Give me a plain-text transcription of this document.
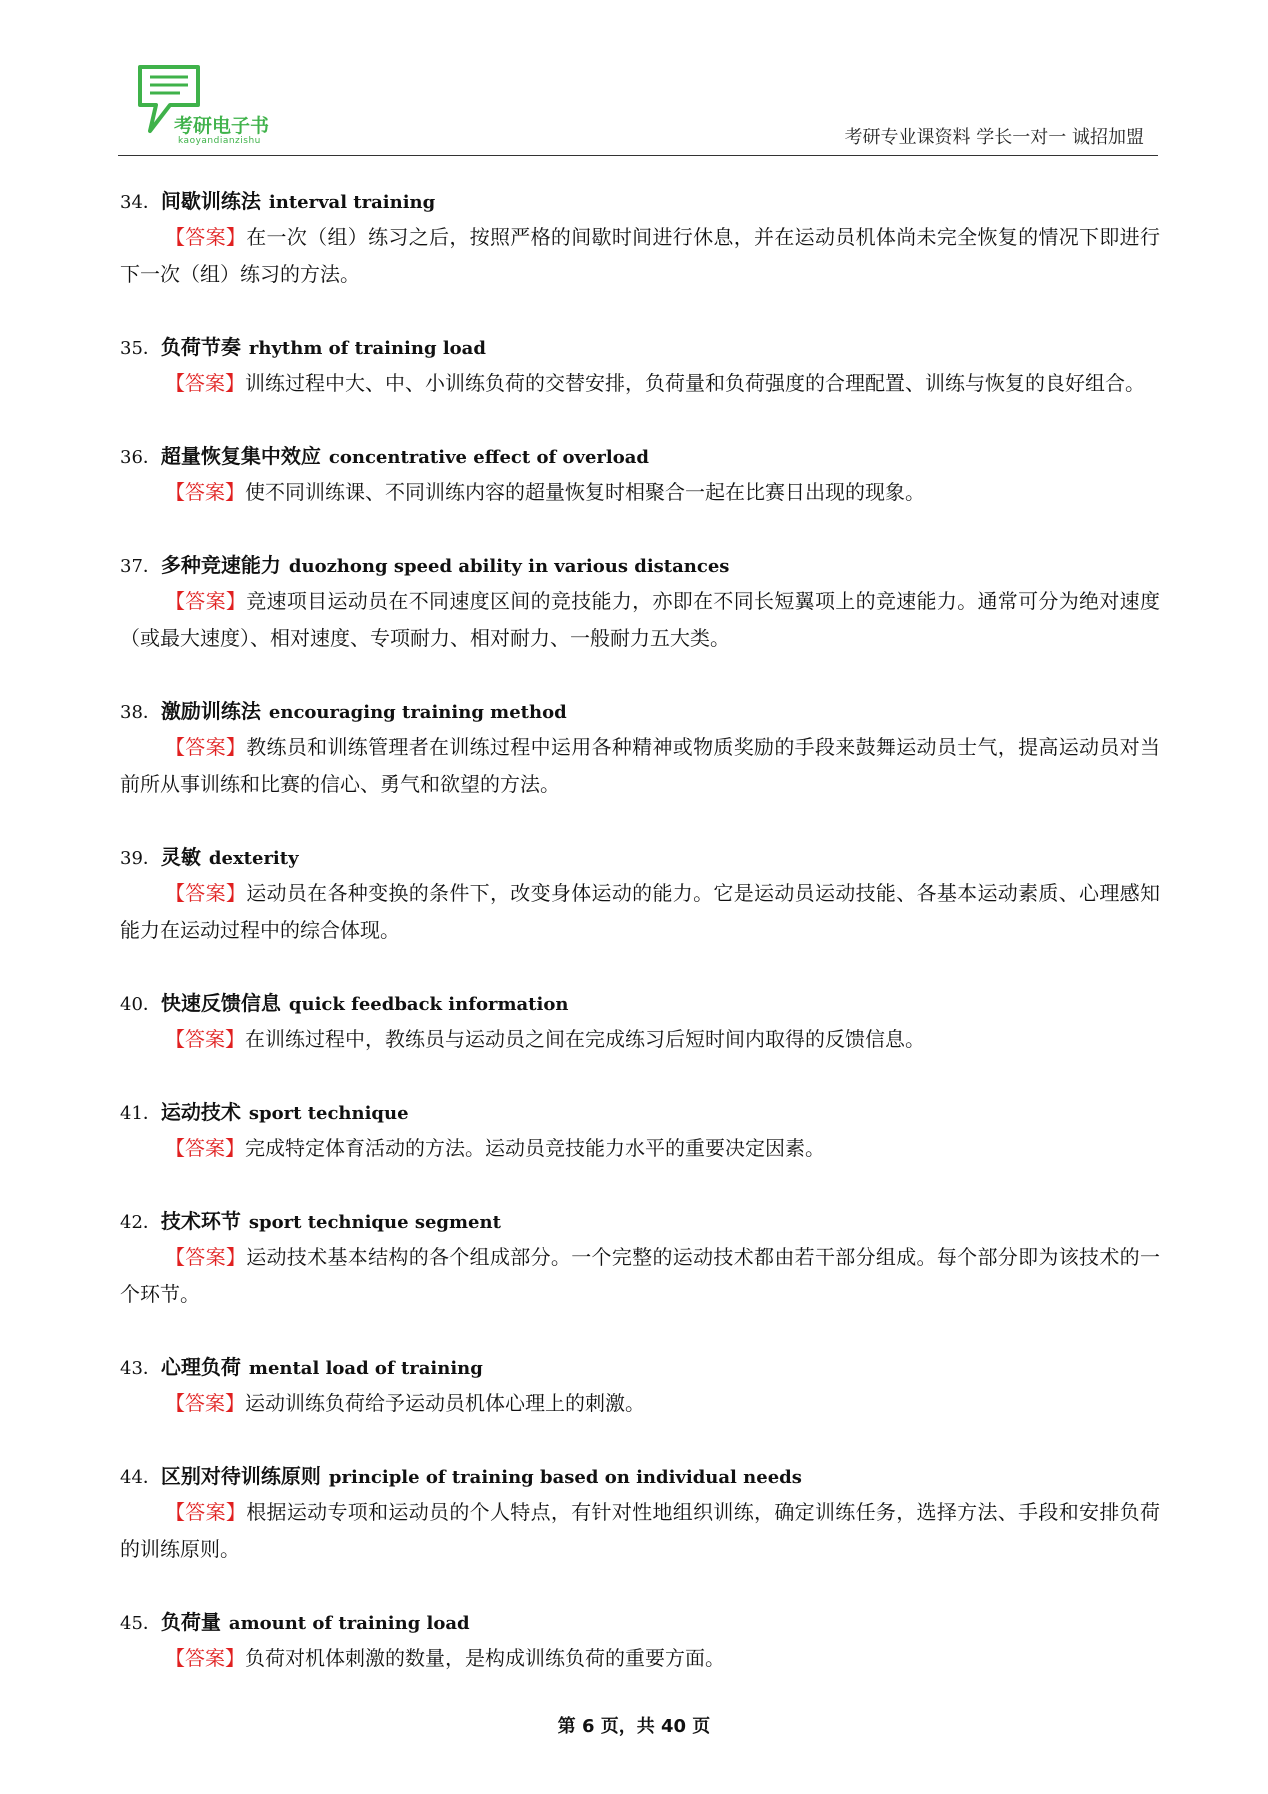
考研电子书
kaoyandianzishu	考研专业课资料 学长一对一 诚招加盟
34．间歇训练法 interval training
【答案】在一次（组）练习之后，按照严格的间歇时间进行休息，并在运动员机体尚未完全恢复的情况下即进行下一次（组）练习的方法。
35．负荷节奏 rhythm of training load
【答案】训练过程中大、中、小训练负荷的交替安排，负荷量和负荷强度的合理配置、训练与恢复的良好组合。
36．超量恢复集中效应 concentrative effect of overload
【答案】使不同训练课、不同训练内容的超量恢复时相聚合一起在比赛日出现的现象。
37．多种竞速能力 duozhong speed ability in various distances
【答案】竞速项目运动员在不同速度区间的竞技能力，亦即在不同长短翼项上的竞速能力。通常可分为绝对速度（或最大速度）、相对速度、专项耐力、相对耐力、一般耐力五大类。
38．激励训练法 encouraging training method
【答案】教练员和训练管理者在训练过程中运用各种精神或物质奖励的手段来鼓舞运动员士气，提高运动员对当前所从事训练和比赛的信心、勇气和欲望的方法。
39．灵敏 dexterity
【答案】运动员在各种变换的条件下，改变身体运动的能力。它是运动员运动技能、各基本运动素质、心理感知能力在运动过程中的综合体现。
40．快速反馈信息 quick feedback information
【答案】在训练过程中，教练员与运动员之间在完成练习后短时间内取得的反馈信息。
41．运动技术 sport technique
【答案】完成特定体育活动的方法。运动员竞技能力水平的重要决定因素。
42．技术环节 sport technique segment
【答案】运动技术基本结构的各个组成部分。一个完整的运动技术都由若干部分组成。每个部分即为该技术的一个环节。
43．心理负荷 mental load of training
【答案】运动训练负荷给予运动员机体心理上的刺激。
44．区别对待训练原则 principle of training based on individual needs
【答案】根据运动专项和运动员的个人特点，有针对性地组织训练，确定训练任务，选择方法、手段和安排负荷的训练原则。
45．负荷量 amount of training load
【答案】负荷对机体刺激的数量，是构成训练负荷的重要方面。
第 6 页，共 40 页
